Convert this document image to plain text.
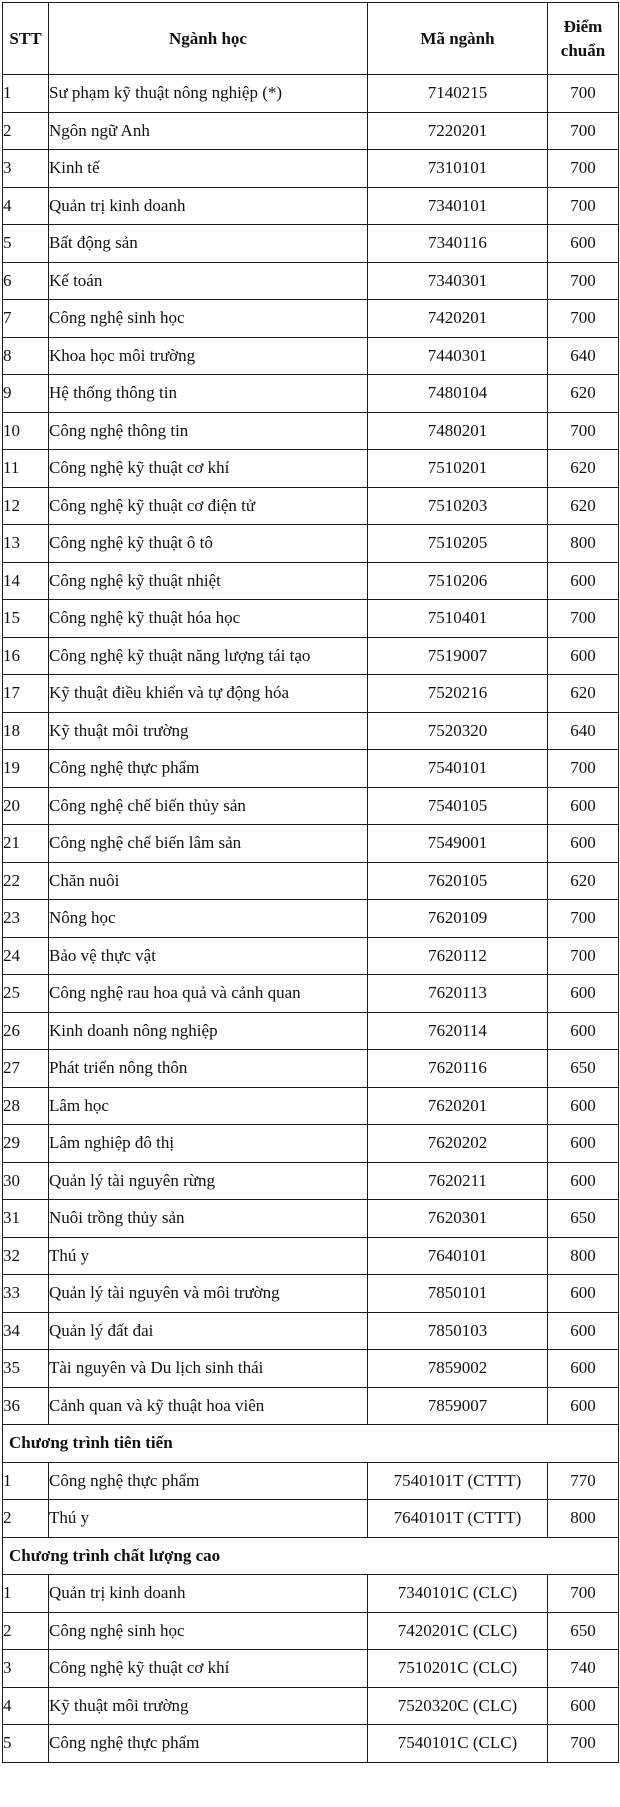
STT	Ngành học	Mã ngành	Điểm chuẩn
1	Sư phạm kỹ thuật nông nghiệp (*)	7140215	700
2	Ngôn ngữ Anh	7220201	700
3	Kinh tế	7310101	700
4	Quản trị kinh doanh	7340101	700
5	Bất động sản	7340116	600
6	Kế toán	7340301	700
7	Công nghệ sinh học	7420201	700
8	Khoa học môi trường	7440301	640
9	Hệ thống thông tin	7480104	620
10	Công nghệ thông tin	7480201	700
11	Công nghệ kỹ thuật cơ khí	7510201	620
12	Công nghệ kỹ thuật cơ điện tử	7510203	620
13	Công nghệ kỹ thuật ô tô	7510205	800
14	Công nghệ kỹ thuật nhiệt	7510206	600
15	Công nghệ kỹ thuật hóa học	7510401	700
16	Công nghệ kỹ thuật năng lượng tái tạo	7519007	600
17	Kỹ thuật điều khiển và tự động hóa	7520216	620
18	Kỹ thuật môi trường	7520320	640
19	Công nghệ thực phẩm	7540101	700
20	Công nghệ chế biến thủy sản	7540105	600
21	Công nghệ chế biến lâm sản	7549001	600
22	Chăn nuôi	7620105	620
23	Nông học	7620109	700
24	Bảo vệ thực vật	7620112	700
25	Công nghệ rau hoa quả và cảnh quan	7620113	600
26	Kinh doanh nông nghiệp	7620114	600
27	Phát triển nông thôn	7620116	650
28	Lâm học	7620201	600
29	Lâm nghiệp đô thị	7620202	600
30	Quản lý tài nguyên rừng	7620211	600
31	Nuôi trồng thủy sản	7620301	650
32	Thú y	7640101	800
33	Quản lý tài nguyên và môi trường	7850101	600
34	Quản lý đất đai	7850103	600
35	Tài nguyên và Du lịch sinh thái	7859002	600
36	Cảnh quan và kỹ thuật hoa viên	7859007	600
Chương trình tiên tiến			
1	Công nghệ thực phẩm	7540101T (CTTT)	770
2	Thú y	7640101T (CTTT)	800
Chương trình chất lượng cao			
1	Quản trị kinh doanh	7340101C (CLC)	700
2	Công nghệ sinh học	7420201C (CLC)	650
3	Công nghệ kỹ thuật cơ khí	7510201C (CLC)	740
4	Kỹ thuật môi trường	7520320C (CLC)	600
5	Công nghệ thực phẩm	7540101C (CLC)	700
